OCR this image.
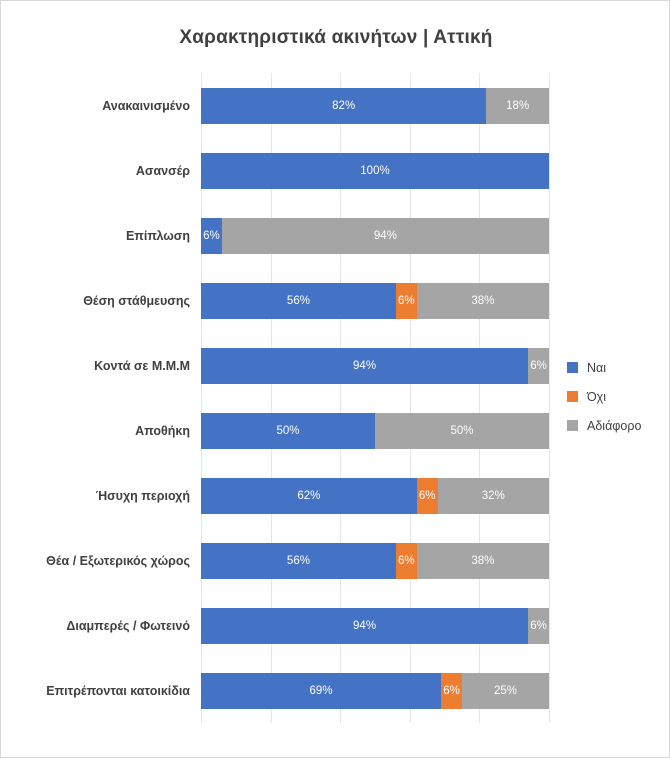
Χαρακτηριστικά ακινήτων | Αττική
Ανακαινισμένο
Ασανσέρ
Επίπλωση
Θέση στάθμευσης
Κοντά σε Μ.Μ.Μ
Αποθήκη
Ήσυχη περιοχή
Θέα / Εξωτερικός χώρος
Διαμπερές / Φωτεινό
Επιτρέπονται κατοικίδια
82%	18%
100%
6%	94%
56%	6%	38%
94%	6%
50%	50%
62%	6%	32%
56%	6%	38%
94%	6%
69%	6%	25%
Ναι
Όχι
Αδιάφορο
